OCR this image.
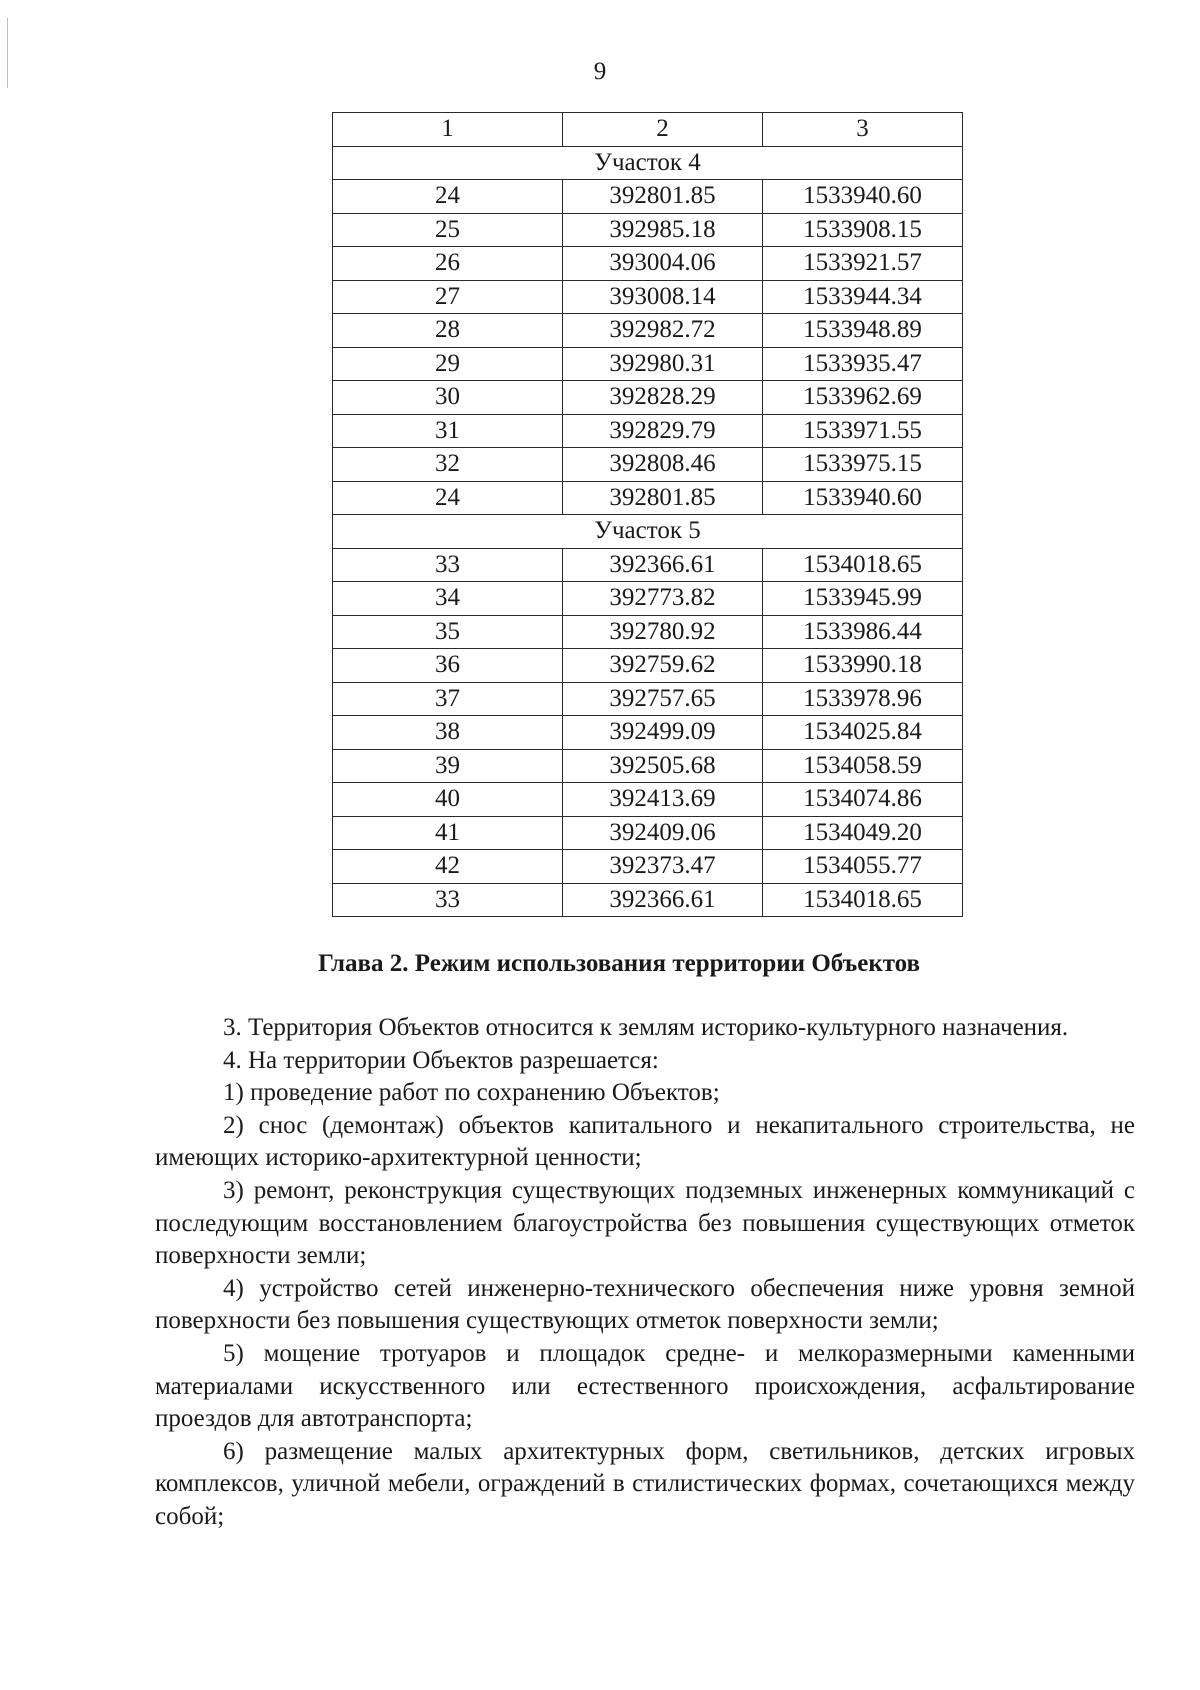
9
1	2	3
Участок 4		
24	392801.85	1533940.60
25	392985.18	1533908.15
26	393004.06	1533921.57
27	393008.14	1533944.34
28	392982.72	1533948.89
29	392980.31	1533935.47
30	392828.29	1533962.69
31	392829.79	1533971.55
32	392808.46	1533975.15
24	392801.85	1533940.60
Участок 5		
33	392366.61	1534018.65
34	392773.82	1533945.99
35	392780.92	1533986.44
36	392759.62	1533990.18
37	392757.65	1533978.96
38	392499.09	1534025.84
39	392505.68	1534058.59
40	392413.69	1534074.86
41	392409.06	1534049.20
42	392373.47	1534055.77
33	392366.61	1534018.65
Глава 2. Режим использования территории Объектов

3. Территория Объектов относится к землям историко-культурного назначения.

4. На территории Объектов разрешается:

1) проведение работ по сохранению Объектов;

2) снос (демонтаж) объектов капитального и некапитального строительства, не имеющих историко-архитектурной ценности;

3) ремонт, реконструкция существующих подземных инженерных коммуникаций с последующим восстановлением благоустройства без повышения существующих отметок поверхности земли;

4) устройство сетей инженерно-технического обеспечения ниже уровня земной поверхности без повышения существующих отметок поверхности земли;

5) мощение тротуаров и площадок средне- и мелкоразмерными каменными материалами искусственного или естественного происхождения, асфальтирование проездов для автотранспорта;

6) размещение малых архитектурных форм, светильников, детских игровых комплексов, уличной мебели, ограждений в стилистических формах, сочетающихся между собой;
